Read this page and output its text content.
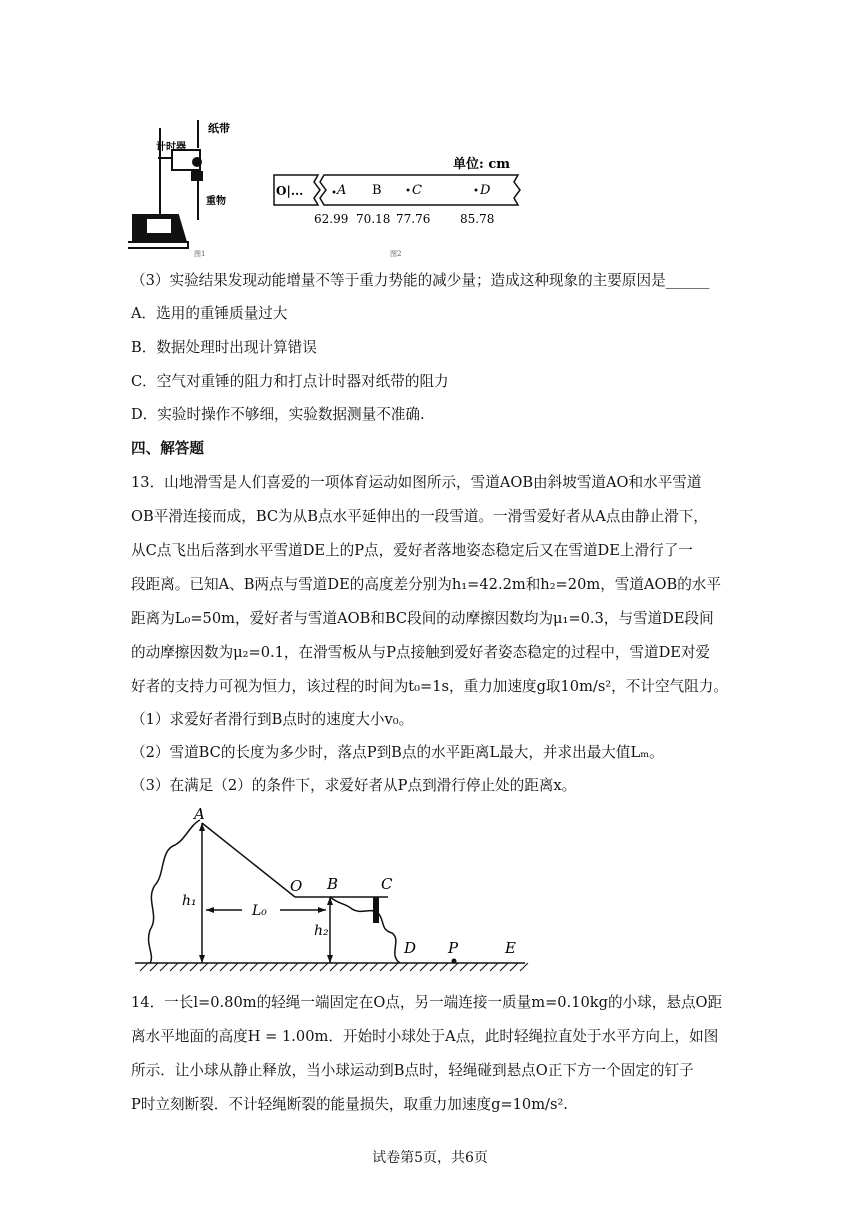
纸带
计时器
重物
图1
单位: cm
O|...	A B C	D
62.99 70.18 77.76 85.78
图2
（3）实验结果发现动能增量不等于重力势能的减少量；造成这种现象的主要原因是______
A．选用的重锤质量过大
B．数据处理时出现计算错误
C．空气对重锤的阻力和打点计时器对纸带的阻力
D．实验时操作不够细，实验数据测量不准确.
四、解答题
13．山地滑雪是人们喜爱的一项体育运动如图所示，雪道AOB由斜坡雪道AO和水平雪道
OB平滑连接而成，BC为从B点水平延伸出的一段雪道。一滑雪爱好者从A点由静止滑下，
从C点飞出后落到水平雪道DE上的P点，爱好者落地姿态稳定后又在雪道DE上滑行了一
段距离。已知A、B两点与雪道DE的高度差分别为h₁=42.2m和h₂=20m，雪道AOB的水平
距离为L₀=50m，爱好者与雪道AOB和BC段间的动摩擦因数均为μ₁=0.3，与雪道DE段间
的动摩擦因数为μ₂=0.1，在滑雪板从与P点接触到爱好者姿态稳定的过程中，雪道DE对爱
好者的支持力可视为恒力，该过程的时间为t₀=1s，重力加速度g取10m/s²，不计空气阻力。
（1）求爱好者滑行到B点时的速度大小v₀。
（2）雪道BC的长度为多少时，落点P到B点的水平距离L最大，并求出最大值Lₘ。
（3）在满足（2）的条件下，求爱好者从P点到滑行停止处的距离x。
A
O B	C
D P	E
h₁
h₂
L₀
14．一长l=0.80m的轻绳一端固定在O点，另一端连接一质量m=0.10kg的小球，悬点O距
离水平地面的高度H = 1.00m．开始时小球处于A点，此时轻绳拉直处于水平方向上，如图
所示．让小球从静止释放，当小球运动到B点时，轻绳碰到悬点O正下方一个固定的钉子
P时立刻断裂．不计轻绳断裂的能量损失，取重力加速度g=10m/s².
试卷第5页，共6页
